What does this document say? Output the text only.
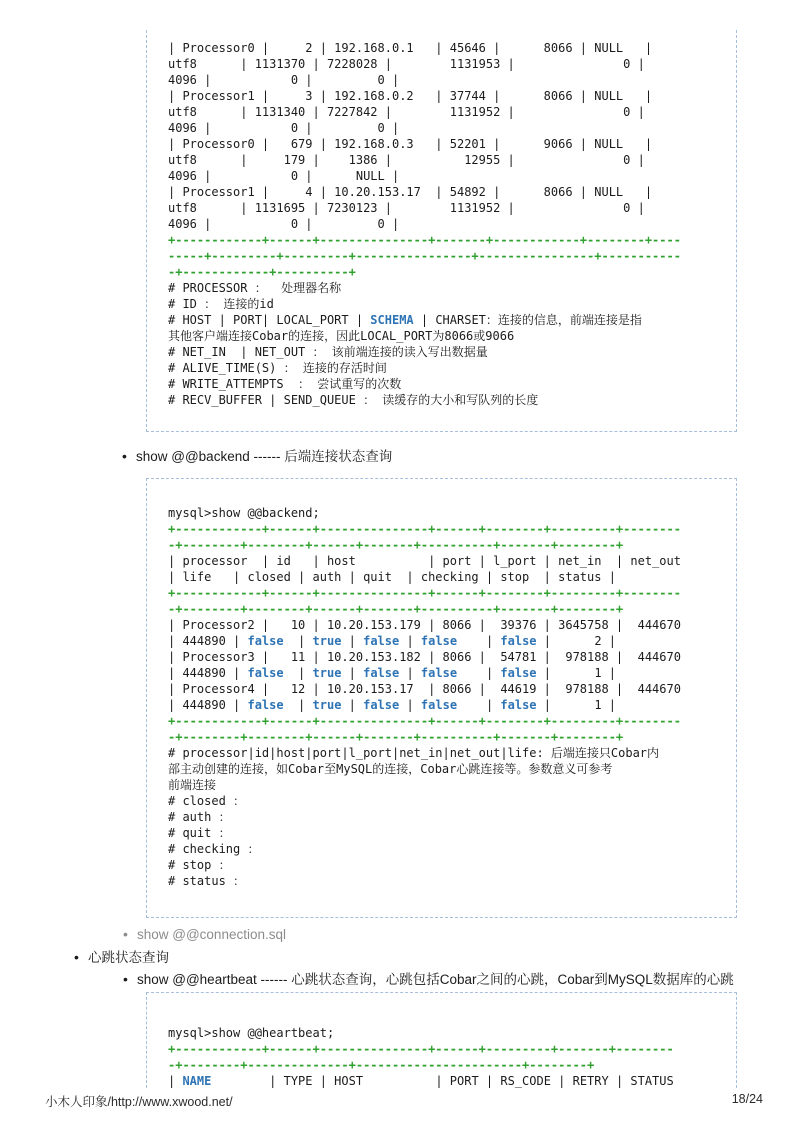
| Processor0 |     2 | 192.168.0.1   | 45646 |      8066 | NULL   |
utf8      | 1131370 | 7228028 |        1131953 |               0 |
4096 |           0 |         0 |
| Processor1 |     3 | 192.168.0.2   | 37744 |      8066 | NULL   |
utf8      | 1131340 | 7227842 |        1131952 |               0 |
4096 |           0 |         0 |
| Processor0 |   679 | 192.168.0.3   | 52201 |      9066 | NULL   |
utf8      |     179 |    1386 |          12955 |               0 |
4096 |           0 |      NULL |
| Processor1 |     4 | 10.20.153.17  | 54892 |      8066 | NULL   |
utf8      | 1131695 | 7230123 |        1131952 |               0 |
4096 |           0 |         0 |
+------------+------+---------------+-------+------------+--------+----
-----+---------+---------+----------------+----------------+-----------
-+------------+----------+
# PROCESSOR ：  处理器名称
# ID ： 连接的id
# HOST | PORT| LOCAL_PORT | SCHEMA | CHARSET：连接的信息，前端连接是指
其他客户端连接Cobar的连接，因此LOCAL_PORT为8066或9066
# NET_IN  | NET_OUT ： 该前端连接的读入写出数据量
# ALIVE_TIME(S) ： 连接的存活时间
# WRITE_ATTEMPTS  ： 尝试重写的次数
# RECV_BUFFER | SEND_QUEUE ： 读缓存的大小和写队列的长度
• show @@backend ------ 后端连接状态查询
mysql>show @@backend;
+------------+------+---------------+------+--------+---------+--------
-+--------+--------+------+-------+----------+-------+--------+
| processor  | id   | host          | port | l_port | net_in  | net_out
| life   | closed | auth | quit  | checking | stop  | status |
+------------+------+---------------+------+--------+---------+--------
-+--------+--------+------+-------+----------+-------+--------+
| Processor2 |   10 | 10.20.153.179 | 8066 |  39376 | 3645758 |  444670
| 444890 | false  | true | false | false    | false |      2 |
| Processor3 |   11 | 10.20.153.182 | 8066 |  54781 |  978188 |  444670
| 444890 | false  | true | false | false    | false |      1 |
| Processor4 |   12 | 10.20.153.17  | 8066 |  44619 |  978188 |  444670
| 444890 | false  | true | false | false    | false |      1 |
+------------+------+---------------+------+--------+---------+--------
-+--------+--------+------+-------+----------+-------+--------+
# processor|id|host|port|l_port|net_in|net_out|life: 后端连接只Cobar内
部主动创建的连接，如Cobar至MySQL的连接，Cobar心跳连接等。参数意义可参考
前端连接
# closed ：
# auth ：
# quit ：
# checking ：
# stop ：
# status ：
• show @@connection.sql
• 心跳状态查询
• show @@heartbeat ------ 心跳状态查询，心跳包括Cobar之间的心跳，Cobar到MySQL数据库的心跳
mysql>show @@heartbeat;
+------------+------+---------------+------+---------+-------+--------
-+--------+--------------+-----------------------+--------+
| NAME        | TYPE | HOST          | PORT | RS_CODE | RETRY | STATUS
小木人印象/http://www.xwood.net/	18/24
